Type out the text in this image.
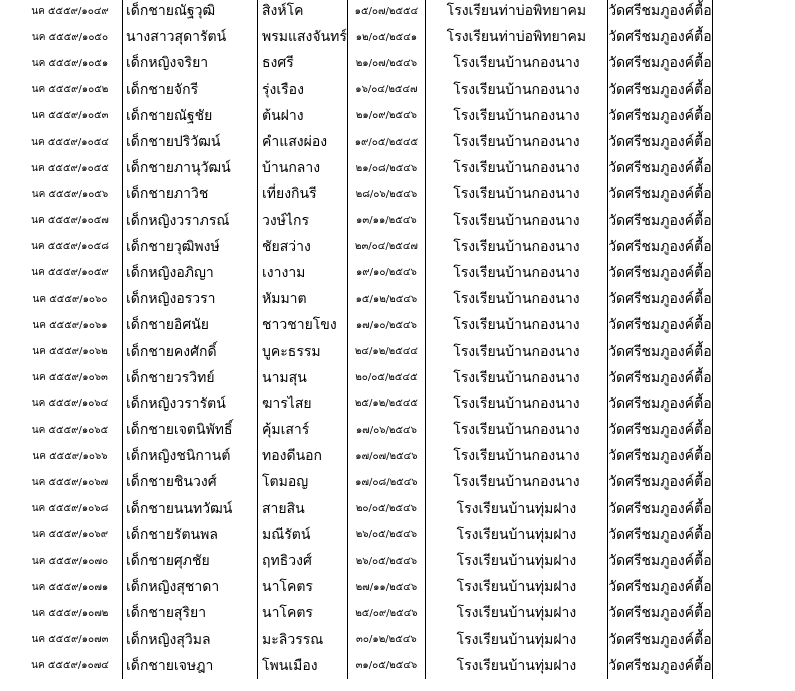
นค ๕๕๕๙/๑๐๔๙	เด็กชายณัฐวุฒิ	สิงห์โค	๑๕/๐๗/๒๕๕๔	โรงเรียนท่าบ่อพิทยาคม	วัดศรีชมภูองค์ตื้อ
นค ๕๕๕๙/๑๐๕๐	นางสาวสุดารัตน์	พรมแสงจันทร์	๑๒/๐๕/๒๕๔๑	โรงเรียนท่าบ่อพิทยาคม	วัดศรีชมภูองค์ตื้อ
นค ๕๕๕๙/๑๐๕๑	เด็กหญิงจริยา	ธงศรี	๒๑/๐๗/๒๕๔๖	โรงเรียนบ้านกองนาง	วัดศรีชมภูองค์ตื้อ
นค ๕๕๕๙/๑๐๕๒	เด็กชายจักรี	รุ่งเรือง	๑๖/๐๔/๒๕๔๗	โรงเรียนบ้านกองนาง	วัดศรีชมภูองค์ตื้อ
นค ๕๕๕๙/๑๐๕๓	เด็กชายณัฐชัย	ต้นฝาง	๒๑/๐๙/๒๕๔๖	โรงเรียนบ้านกองนาง	วัดศรีชมภูองค์ตื้อ
นค ๕๕๕๙/๑๐๕๔	เด็กชายปริวัฒน์	คำแสงผ่อง	๑๙/๐๕/๒๕๔๕	โรงเรียนบ้านกองนาง	วัดศรีชมภูองค์ตื้อ
นค ๕๕๕๙/๑๐๕๕	เด็กชายภานุวัฒน์	บ้านกลาง	๒๑/๐๘/๒๕๔๖	โรงเรียนบ้านกองนาง	วัดศรีชมภูองค์ตื้อ
นค ๕๕๕๙/๑๐๕๖	เด็กชายภาวิช	เที่ยงกินรี	๒๘/๐๖/๒๕๔๖	โรงเรียนบ้านกองนาง	วัดศรีชมภูองค์ตื้อ
นค ๕๕๕๙/๑๐๕๗	เด็กหญิงวราภรณ์	วงษ์ไกร	๑๓/๑๑/๒๕๔๖	โรงเรียนบ้านกองนาง	วัดศรีชมภูองค์ตื้อ
นค ๕๕๕๙/๑๐๕๘	เด็กชายวุฒิพงษ์	ชัยสว่าง	๒๓/๐๔/๒๕๔๗	โรงเรียนบ้านกองนาง	วัดศรีชมภูองค์ตื้อ
นค ๕๕๕๙/๑๐๕๙	เด็กหญิงอภิญา	เงางาม	๑๙/๑๐/๒๕๔๖	โรงเรียนบ้านกองนาง	วัดศรีชมภูองค์ตื้อ
นค ๕๕๕๙/๑๐๖๐	เด็กหญิงอรวรา	หัมมาต	๑๕/๑๒/๒๕๔๖	โรงเรียนบ้านกองนาง	วัดศรีชมภูองค์ตื้อ
นค ๕๕๕๙/๑๐๖๑	เด็กชายอิศนัย	ชาวชายโขง	๑๗/๑๐/๒๕๔๖	โรงเรียนบ้านกองนาง	วัดศรีชมภูองค์ตื้อ
นค ๕๕๕๙/๑๐๖๒	เด็กชายคงศักดิ์	บูคะธรรม	๒๔/๑๒/๒๕๔๔	โรงเรียนบ้านกองนาง	วัดศรีชมภูองค์ตื้อ
นค ๕๕๕๙/๑๐๖๓	เด็กชายวรวิทย์	นามสุน	๒๐/๐๕/๒๕๔๕	โรงเรียนบ้านกองนาง	วัดศรีชมภูองค์ตื้อ
นค ๕๕๕๙/๑๐๖๔	เด็กหญิงวรารัตน์	ฆารไสย	๒๕/๑๒/๒๕๔๕	โรงเรียนบ้านกองนาง	วัดศรีชมภูองค์ตื้อ
นค ๕๕๕๙/๑๐๖๕	เด็กชายเจตนิพัทธิ์	คุ้มเสาร์	๑๗/๐๖/๒๕๔๖	โรงเรียนบ้านกองนาง	วัดศรีชมภูองค์ตื้อ
นค ๕๕๕๙/๑๐๖๖	เด็กหญิงชนิกานต์	ทองดีนอก	๑๗/๐๗/๒๕๔๖	โรงเรียนบ้านกองนาง	วัดศรีชมภูองค์ตื้อ
นค ๕๕๕๙/๑๐๖๗	เด็กชายชินวงศ์	โตมอญ	๑๗/๐๘/๒๕๔๖	โรงเรียนบ้านกองนาง	วัดศรีชมภูองค์ตื้อ
นค ๕๕๕๙/๑๐๖๘	เด็กชายนนทวัฒน์	สายสิน	๒๐/๐๕/๒๕๔๖	โรงเรียนบ้านทุ่มฝาง	วัดศรีชมภูองค์ตื้อ
นค ๕๕๕๙/๑๐๖๙	เด็กชายรัตนพล	มณีรัตน์	๒๖/๐๕/๒๕๔๖	โรงเรียนบ้านทุ่มฝาง	วัดศรีชมภูองค์ตื้อ
นค ๕๕๕๙/๑๐๗๐	เด็กชายศุภชัย	ฤทธิวงศ์	๒๖/๐๕/๒๕๔๖	โรงเรียนบ้านทุ่มฝาง	วัดศรีชมภูองค์ตื้อ
นค ๕๕๕๙/๑๐๗๑	เด็กหญิงสุชาดา	นาโคตร	๒๗/๑๑/๒๕๔๖	โรงเรียนบ้านทุ่มฝาง	วัดศรีชมภูองค์ตื้อ
นค ๕๕๕๙/๑๐๗๒	เด็กชายสุริยา	นาโคตร	๒๕/๐๙/๒๕๔๖	โรงเรียนบ้านทุ่มฝาง	วัดศรีชมภูองค์ตื้อ
นค ๕๕๕๙/๑๐๗๓	เด็กหญิงสุวิมล	มะลิวรรณ	๓๐/๑๒/๒๕๔๖	โรงเรียนบ้านทุ่มฝาง	วัดศรีชมภูองค์ตื้อ
นค ๕๕๕๙/๑๐๗๔	เด็กชายเจษฎา	โพนเมือง	๓๑/๐๕/๒๕๔๖	โรงเรียนบ้านทุ่มฝาง	วัดศรีชมภูองค์ตื้อ
